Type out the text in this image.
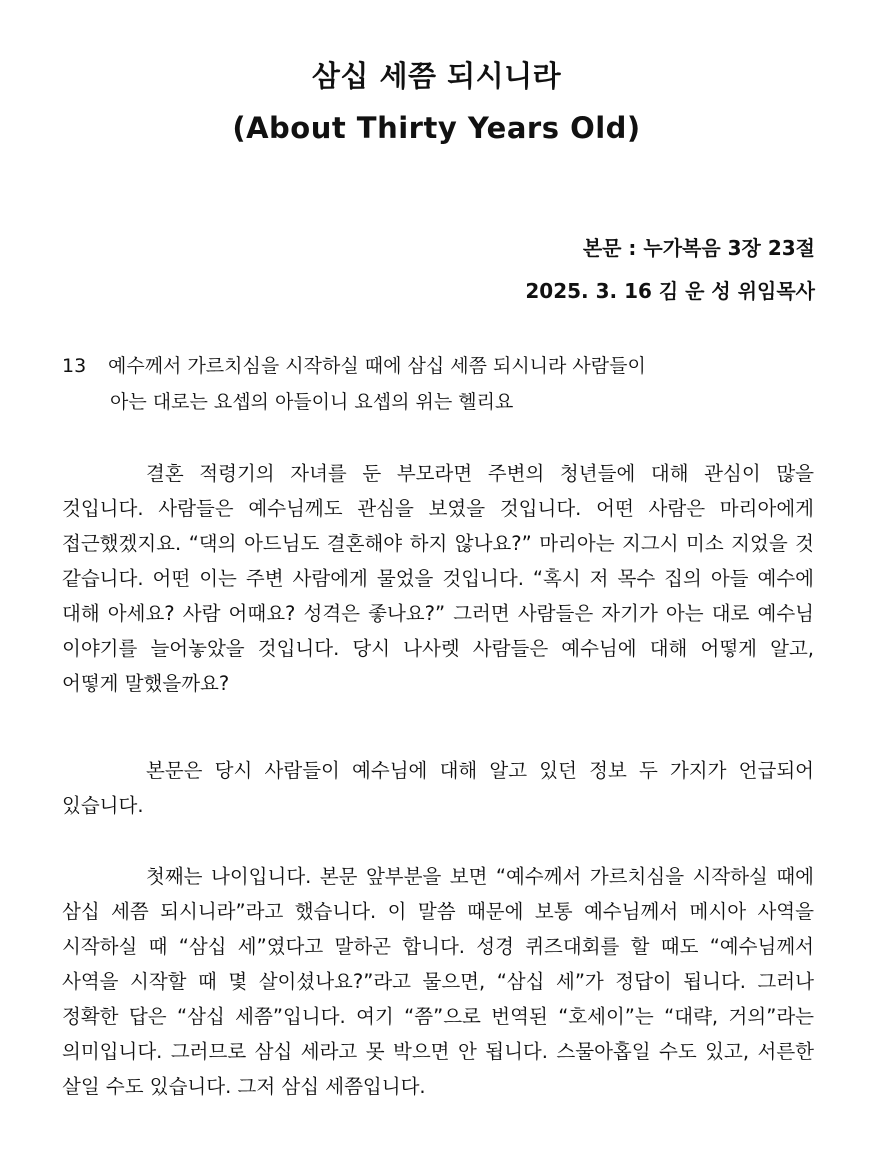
삼십 세쯤 되시니라
(About Thirty Years Old)
본문 : 누가복음 3장 23절
2025. 3. 16 김 운 성 위임목사
13 예수께서 가르치심을 시작하실 때에 삼십 세쯤 되시니라 사람들이
아는 대로는 요셉의 아들이니 요셉의 위는 헬리요

결혼 적령기의 자녀를 둔 부모라면 주변의 청년들에 대해 관심이 많을 것입니다. 사람들은 예수님께도 관심을 보였을 것입니다. 어떤 사람은 마리아에게 접근했겠지요. “댁의 아드님도 결혼해야 하지 않나요?” 마리아는 지그시 미소 지었을 것 같습니다. 어떤 이는 주변 사람에게 물었을 것입니다. “혹시 저 목수 집의 아들 예수에 대해 아세요? 사람 어때요? 성격은 좋나요?” 그러면 사람들은 자기가 아는 대로 예수님 이야기를 늘어놓았을 것입니다. 당시 나사렛 사람들은 예수님에 대해 어떻게 알고, 어떻게 말했을까요?

본문은 당시 사람들이 예수님에 대해 알고 있던 정보 두 가지가 언급되어 있습니다.

첫째는 나이입니다. 본문 앞부분을 보면 “예수께서 가르치심을 시작하실 때에 삼십 세쯤 되시니라”라고 했습니다. 이 말씀 때문에 보통 예수님께서 메시아 사역을 시작하실 때 “삼십 세”였다고 말하곤 합니다. 성경 퀴즈대회를 할 때도 “예수님께서 사역을 시작할 때 몇 살이셨나요?”라고 물으면, “삼십 세”가 정답이 됩니다. 그러나 정확한 답은 “삼십 세쯤”입니다. 여기 “쯤”으로 번역된 “호세이”는 “대략, 거의”라는 의미입니다. 그러므로 삼십 세라고 못 박으면 안 됩니다. 스물아홉일 수도 있고, 서른한 살일 수도 있습니다. 그저 삼십 세쯤입니다.
